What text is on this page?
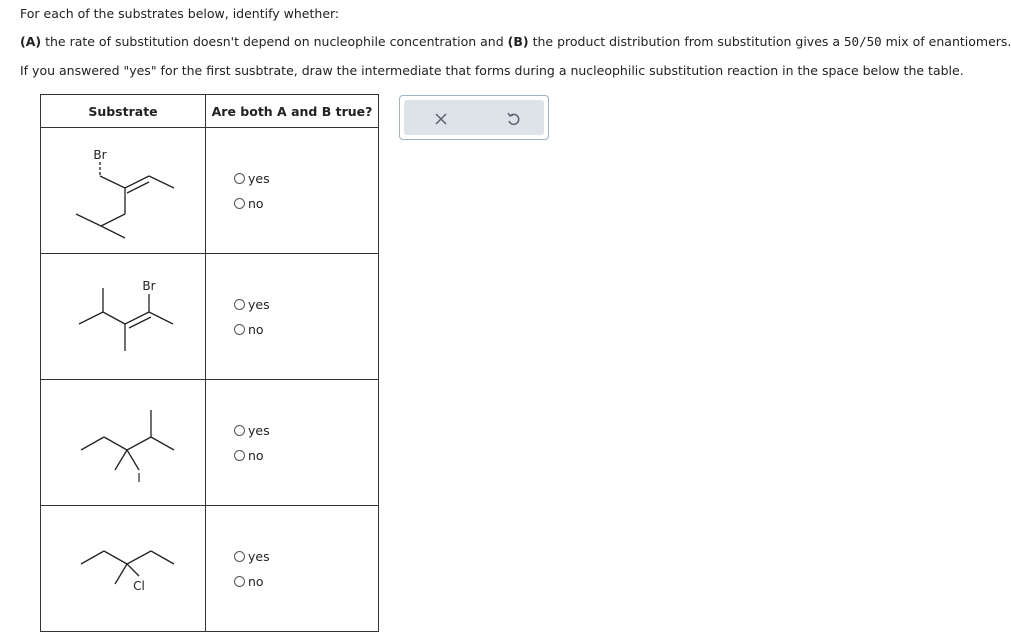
For each of the substrates below, identify whether:
(A) the rate of substitution doesn't depend on nucleophile concentration and (B) the product distribution from substitution gives a 50/50 mix of enantiomers.
If you answered "yes" for the first susbtrate, draw the intermediate that forms during a nucleophilic substitution reaction in the space below the table.
Substrate	Are both A and B true?

Br	yes
no

Br	yes
no

I	yes
no

Cl	yes
no
